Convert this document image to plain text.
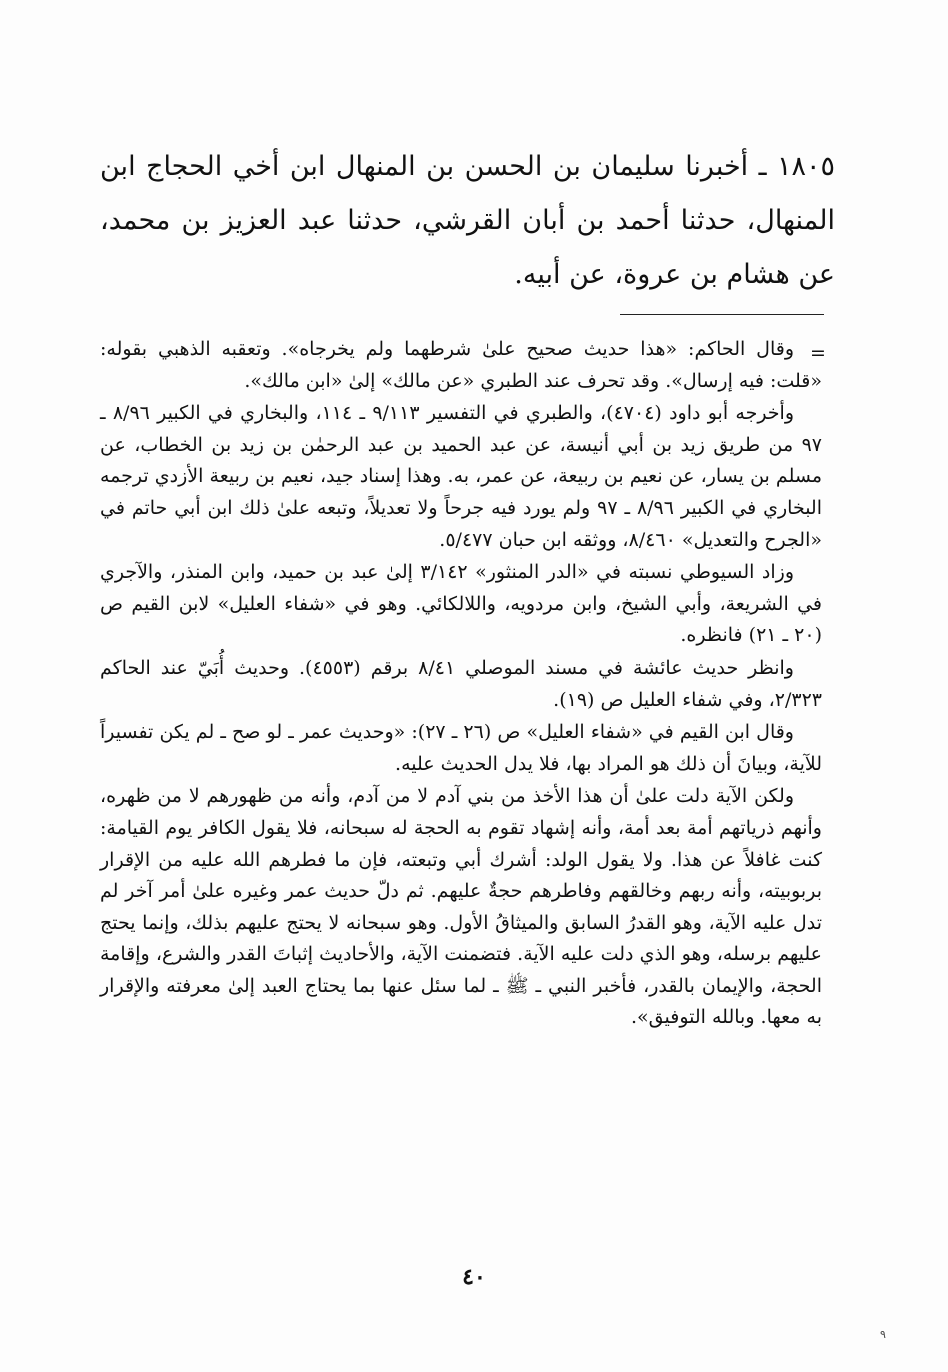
١٨٠٥ ـ أخبرنا سليمان بن الحسن بن المنهال ابن أخي الحجاج ابن المنهال، حدثنا أحمد بن أبان القرشي، حدثنا عبد العزيز بن محمد، عن هشام بن عروة، عن أبيه.

=

وقال الحاكم: «هذا حديث صحيح علىٰ شرطهما ولم يخرجاه». وتعقبه الذهبي بقوله: «قلت: فيه إرسال». وقد تحرف عند الطبري «عن مالك» إلىٰ «ابن مالك».

وأخرجه أبو داود (٤٧٠٤)، والطبري في التفسير ٩/١١٣ ـ ١١٤، والبخاري في الكبير ٨/٩٦ ـ ٩٧ من طريق زيد بن أبي أنيسة، عن عبد الحميد بن عبد الرحمٰن بن زيد بن الخطاب، عن مسلم بن يسار، عن نعيم بن ربيعة، عن عمر، به. وهذا إسناد جيد، نعيم بن ربيعة الأزدي ترجمه البخاري في الكبير ٨/٩٦ ـ ٩٧ ولم يورد فيه جرحاً ولا تعديلاً، وتبعه علىٰ ذلك ابن أبي حاتم في «الجرح والتعديل» ٨/٤٦٠، ووثقه ابن حبان ٥/٤٧٧.

وزاد السيوطي نسبته في «الدر المنثور» ٣/١٤٢ إلىٰ عبد بن حميد، وابن المنذر، والآجري في الشريعة، وأبي الشيخ، وابن مردويه، واللالكائي. وهو في «شفاء العليل» لابن القيم ص (٢٠ ـ ٢١) فانظره.

وانظر حديث عائشة في مسند الموصلي ٨/٤١ برقم (٤٥٥٣). وحديث أُبَيّ عند الحاكم ٢/٣٢٣، وفي شفاء العليل ص (١٩).

وقال ابن القيم في «شفاء العليل» ص (٢٦ ـ ٢٧): «وحديث عمر ـ لو صح ـ لم يكن تفسيراً للآية، وبيانَ أن ذلك هو المراد بها، فلا يدل الحديث عليه.

ولكن الآية دلت علىٰ أن هذا الأخذ من بني آدم لا من آدم، وأنه من ظهورهم لا من ظهره، وأنهم ذرياتهم أمة بعد أمة، وأنه إشهاد تقوم به الحجة له سبحانه، فلا يقول الكافر يوم القيامة: كنت غافلاً عن هذا. ولا يقول الولد: أشرك أبي وتبعته، فإن ما فطرهم الله عليه من الإقرار بربوبيته، وأنه ربهم وخالقهم وفاطرهم حجةٌ عليهم. ثم دلّ حديث عمر وغيره علىٰ أمر آخر لم تدل عليه الآية، وهو القدرُ السابق والميثاقُ الأول. وهو سبحانه لا يحتج عليهم بذلك، وإنما يحتج عليهم برسله، وهو الذي دلت عليه الآية. فتضمنت الآية، والأحاديث إثباتَ القدر والشرع، وإقامة الحجة، والإيمان بالقدر، فأخبر النبي ـ ﷺ ـ لما سئل عنها بما يحتاج العبد إلىٰ معرفته والإقرار به معها. وبالله التوفيق».

٤٠
٩
